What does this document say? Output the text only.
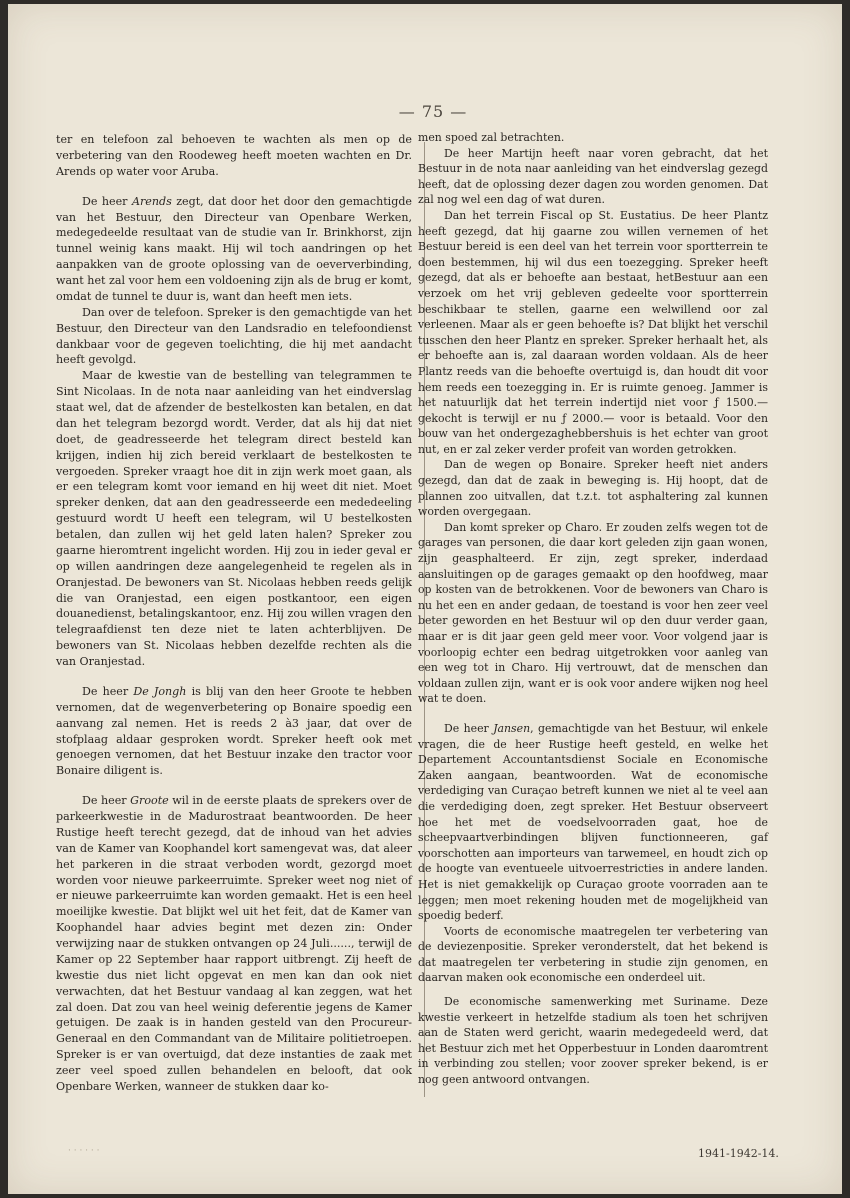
— 75 —

ter en telefoon zal behoeven te wachten als men op de verbetering van den Roodeweg heeft moeten wachten en Dr. Arends op water voor Aruba.

De heer Arends zegt, dat door het door den gemachtigde van het Bestuur, den Directeur van Openbare Werken, medegedeelde resultaat van de studie van Ir. Brinkhorst, zijn tunnel weinig kans maakt. Hij wil toch aandringen op het aanpakken van de groote oplossing van de oeververbinding, want het zal voor hem een voldoening zijn als de brug er komt, omdat de tunnel te duur is, want dan heeft men iets.

Dan over de telefoon. Spreker is den gemachtigde van het Bestuur, den Directeur van den Landsradio en telefoondienst dankbaar voor de gegeven toelichting, die hij met aandacht heeft gevolgd.

Maar de kwestie van de bestelling van telegrammen te Sint Nicolaas. In de nota naar aanleiding van het eindverslag staat wel, dat de afzender de bestelkosten kan betalen, en dat dan het telegram bezorgd wordt. Verder, dat als hij dat niet doet, de geadresseerde het telegram direct besteld kan krijgen, indien hij zich bereid verklaart de bestelkosten te vergoeden. Spreker vraagt hoe dit in zijn werk moet gaan, als er een telegram komt voor iemand en hij weet dit niet. Moet spreker denken, dat aan den geadresseerde een mededeeling gestuurd wordt U heeft een telegram, wil U bestelkosten betalen, dan zullen wij het geld laten halen? Spreker zou gaarne hieromtrent ingelicht worden. Hij zou in ieder geval er op willen aandringen deze aangelegenheid te regelen als in Oranjestad. De bewoners van St. Nicolaas hebben reeds gelijk die van Oranjestad, een eigen postkantoor, een eigen douanedienst, betalingskantoor, enz. Hij zou willen vragen den telegraafdienst ten deze niet te laten achterblijven. De bewoners van St. Nicolaas hebben dezelfde rechten als die van Oranjestad.

De heer De Jongh is blij van den heer Groote te hebben vernomen, dat de wegenverbetering op Bonaire spoedig een aanvang zal nemen. Het is reeds 2 à3 jaar, dat over de stofplaag aldaar gesproken wordt. Spreker heeft ook met genoegen vernomen, dat het Bestuur inzake den tractor voor Bonaire diligent is.

De heer Groote wil in de eerste plaats de sprekers over de parkeerkwestie in de Madurostraat beantwoorden. De heer Rustige heeft terecht gezegd, dat de inhoud van het advies van de Kamer van Koophandel kort samengevat was, dat aleer het parkeren in die straat verboden wordt, gezorgd moet worden voor nieuwe parkeerruimte. Spreker weet nog niet of er nieuwe parkeerruimte kan worden gemaakt. Het is een heel moeilijke kwestie. Dat blijkt wel uit het feit, dat de Kamer van Koophandel haar advies begint met dezen zin: Onder verwijzing naar de stukken ontvangen op 24 Juli......, terwijl de Kamer op 22 September haar rapport uitbrengt. Zij heeft de kwestie dus niet licht opgevat en men kan dan ook niet verwachten, dat het Bestuur vandaag al kan zeggen, wat het zal doen. Dat zou van heel weinig deferentie jegens de Kamer getuigen. De zaak is in handen gesteld van den Procureur-Generaal en den Commandant van de Militaire politietroepen. Spreker is er van overtuigd, dat deze instanties de zaak met zeer veel spoed zullen behandelen en belooft, dat ook Openbare Werken, wanneer de stukken daar ko-

men spoed zal betrachten.

De heer Martijn heeft naar voren gebracht, dat het Bestuur in de nota naar aanleiding van het eindverslag gezegd heeft, dat de oplossing dezer dagen zou worden genomen. Dat zal nog wel een dag of wat duren.

Dan het terrein Fiscal op St. Eustatius. De heer Plantz heeft gezegd, dat hij gaarne zou willen vernemen of het Bestuur bereid is een deel van het terrein voor sportterrein te doen bestemmen, hij wil dus een toezegging. Spreker heeft gezegd, dat als er behoefte aan bestaat, hetBestuur aan een verzoek om het vrij gebleven gedeelte voor sportterrein beschikbaar te stellen, gaarne een welwillend oor zal verleenen. Maar als er geen behoefte is? Dat blijkt het verschil tusschen den heer Plantz en spreker. Spreker herhaalt het, als er behoefte aan is, zal daaraan worden voldaan. Als de heer Plantz reeds van die behoefte overtuigd is, dan houdt dit voor hem reeds een toezegging in. Er is ruimte genoeg. Jammer is het natuurlijk dat het terrein indertijd niet voor ƒ 1500.— gekocht is terwijl er nu ƒ 2000.— voor is betaald. Voor den bouw van het ondergezaghebbershuis is het echter van groot nut, en er zal zeker verder profeit van worden getrokken.

Dan de wegen op Bonaire. Spreker heeft niet anders gezegd, dan dat de zaak in beweging is. Hij hoopt, dat de plannen zoo uitvallen, dat t.z.t. tot asphaltering zal kunnen worden overgegaan.

Dan komt spreker op Charo. Er zouden zelfs wegen tot de garages van personen, die daar kort geleden zijn gaan wonen, zijn geasphalteerd. Er zijn, zegt spreker, inderdaad aansluitingen op de garages gemaakt op den hoofdweg, maar op kosten van de betrokkenen. Voor de bewoners van Charo is nu het een en ander gedaan, de toestand is voor hen zeer veel beter geworden en het Bestuur wil op den duur verder gaan, maar er is dit jaar geen geld meer voor. Voor volgend jaar is voorloopig echter een bedrag uitgetrokken voor aanleg van een weg tot in Charo. Hij vertrouwt, dat de menschen dan voldaan zullen zijn, want er is ook voor andere wijken nog heel wat te doen.

De heer Jansen, gemachtigde van het Bestuur, wil enkele vragen, die de heer Rustige heeft gesteld, en welke het Departement Accountantsdienst Sociale en Economische Zaken aangaan, beantwoorden. Wat de economische verdediging van Curaçao betreft kunnen we niet al te veel aan die verdediging doen, zegt spreker. Het Bestuur observeert hoe het met de voedselvoorraden gaat, hoe de scheepvaartverbindingen blijven functionneeren, gaf voorschotten aan importeurs van tarwemeel, en houdt zich op de hoogte van eventueele uitvoerrestricties in andere landen. Het is niet gemakkelijk op Curaçao groote voorraden aan te leggen; men moet rekening houden met de mogelijkheid van spoedig bederf.

Voorts de economische maatregelen ter verbetering van de deviezenpositie. Spreker veronderstelt, dat het bekend is dat maatregelen ter verbetering in studie zijn genomen, en daarvan maken ook economische een onderdeel uit.

De economische samenwerking met Suriname. Deze kwestie verkeert in hetzelfde stadium als toen het schrijven aan de Staten werd gericht, waarin medegedeeld werd, dat het Bestuur zich met het Opperbestuur in Londen daaromtrent in verbinding zou stellen; voor zoover spreker bekend, is er nog geen antwoord ontvangen.

· · · · · ·	1941-1942-14.
